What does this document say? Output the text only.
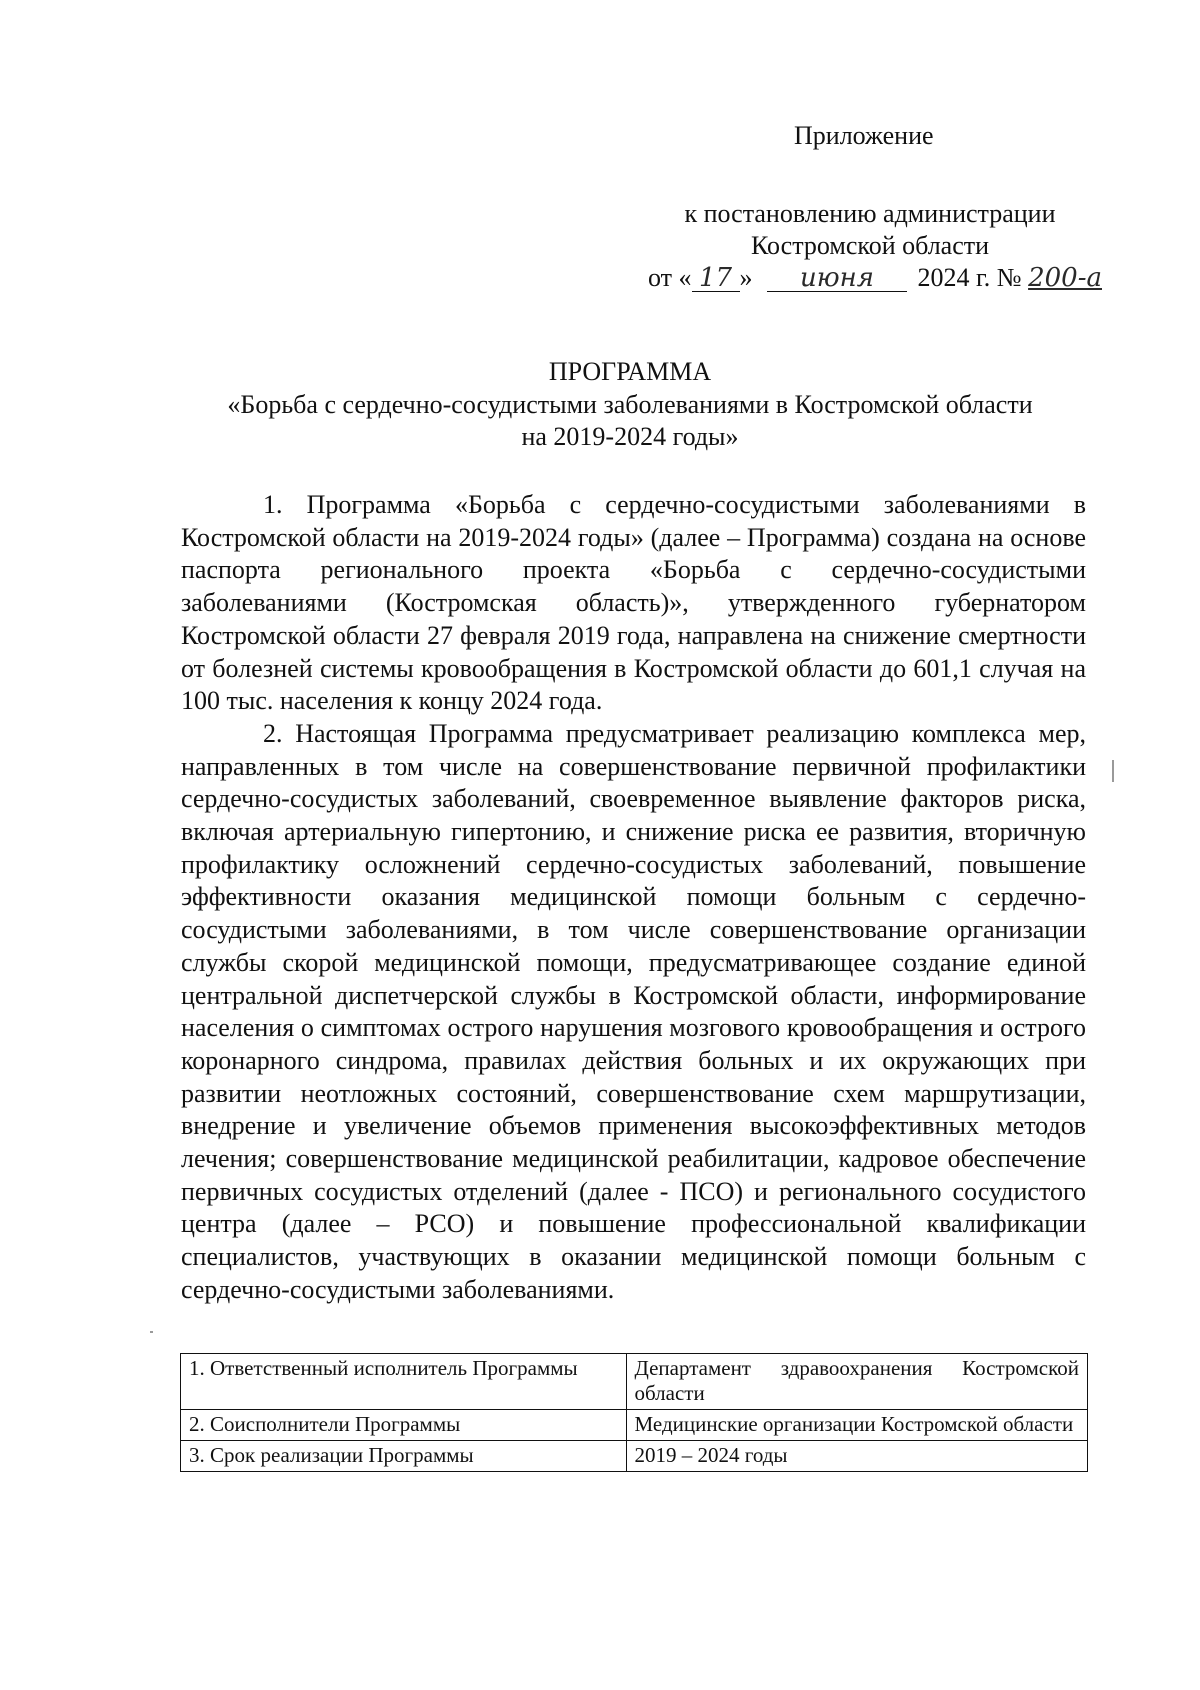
Приложение
к постановлению администрации
Костромской области
от « 17 » июня 2024 г. № 200-а
ПРОГРАММА
«Борьба с сердечно-сосудистыми заболеваниями в Костромской области
на 2019-2024 годы»

1. Программа «Борьба с сердечно-сосудистыми заболеваниями в Костромской области на 2019-2024 годы» (далее – Программа) создана на основе паспорта регионального проекта «Борьба с сердечно-сосудистыми заболеваниями (Костромская область)», утвержденного губернатором Костромской области 27 февраля 2019 года, направлена на снижение смертности от болезней системы кровообращения в Костромской области до 601,1 случая на 100 тыс. населения к концу 2024 года.

2. Настоящая Программа предусматривает реализацию комплекса мер, направленных в том числе на совершенствование первичной профилактики сердечно-сосудистых заболеваний, своевременное выявление факторов риска, включая артериальную гипертонию, и снижение риска ее развития, вторичную профилактику осложнений сердечно-сосудистых заболеваний, повышение эффективности оказания медицинской помощи больным с сердечно-сосудистыми заболеваниями, в том числе совершенствование организации службы скорой медицинской помощи, предусматривающее создание единой центральной диспетчерской службы в Костромской области, информирование населения о симптомах острого нарушения мозгового кровообращения и острого коронарного синдрома, правилах действия больных и их окружающих при развитии неотложных состояний, совершенствование схем маршрутизации, внедрение и увеличение объемов применения высокоэффективных методов лечения; совершенствование медицинской реабилитации, кадровое обеспечение первичных сосудистых отделений (далее - ПСО) и регионального сосудистого центра (далее – РСО) и повышение профессиональной квалификации специалистов, участвующих в оказании медицинской помощи больным с сердечно-сосудистыми заболеваниями.

1. Ответственный исполнитель Программы	Департамент здравоохранения Костромской области
2. Соисполнители Программы	Медицинские организации Костромской области
3. Срок реализации Программы	2019 – 2024 годы
